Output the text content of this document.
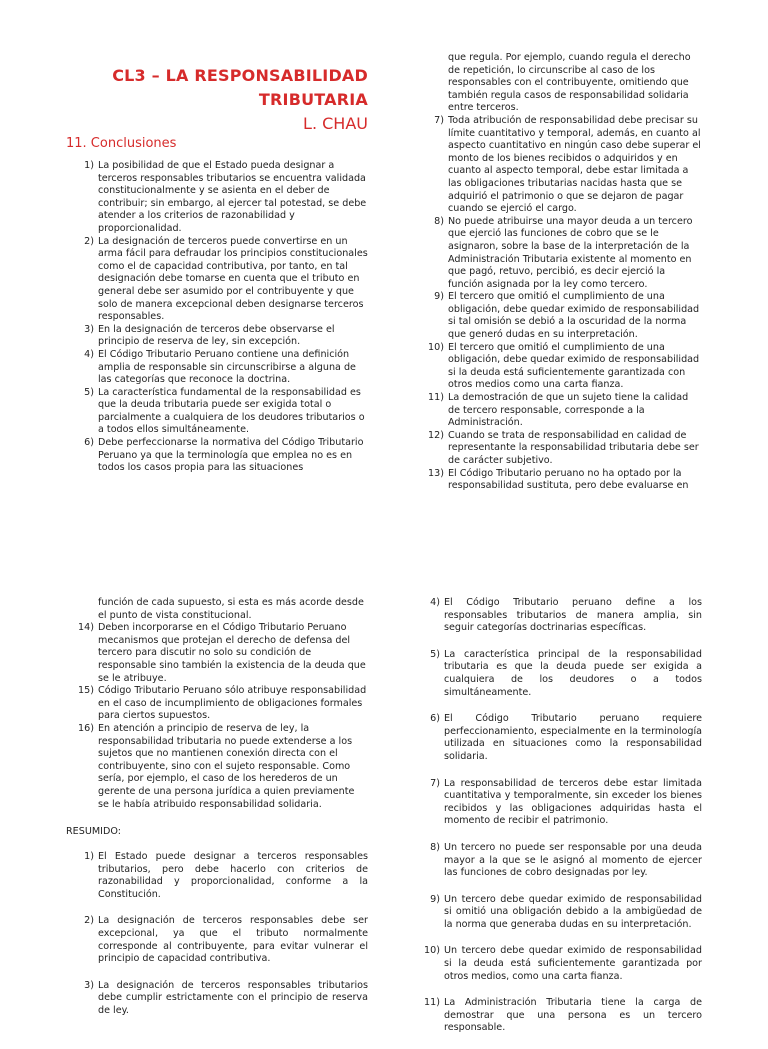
CL3 – LA RESPONSABILIDAD
TRIBUTARIA
L. CHAU
11. Conclusiones
1) La posibilidad de que el Estado pueda designar a terceros responsables tributarios se encuentra validada constitucionalmente y se asienta en el deber de contribuir; sin embargo, al ejercer tal potestad, se debe atender a los criterios de razonabilidad y proporcionalidad.
2) La designación de terceros puede convertirse en un arma fácil para defraudar los principios constitucionales como el de capacidad contributiva, por tanto, en tal designación debe tomarse en cuenta que el tributo en general debe ser asumido por el contribuyente y que solo de manera excepcional deben designarse terceros responsables.
3) En la designación de terceros debe observarse el principio de reserva de ley, sin excepción.
4) El Código Tributario Peruano contiene una definición amplia de responsable sin circunscribirse a alguna de las categorías que reconoce la doctrina.
5) La característica fundamental de la responsabilidad es que la deuda tributaria puede ser exigida total o parcialmente a cualquiera de los deudores tributarios o a todos ellos simultáneamente.
6) Debe perfeccionarse la normativa del Código Tributario Peruano ya que la terminología que emplea no es en todos los casos propia para las situaciones
que regula. Por ejemplo, cuando regula el derecho de repetición, lo circunscribe al caso de los responsables con el contribuyente, omitiendo que también regula casos de responsabilidad solidaria entre terceros.
7) Toda atribución de responsabilidad debe precisar su límite cuantitativo y temporal, además, en cuanto al aspecto cuantitativo en ningún caso debe superar el monto de los bienes recibidos o adquiridos y en cuanto al aspecto temporal, debe estar limitada a las obligaciones tributarias nacidas hasta que se adquirió el patrimonio o que se dejaron de pagar cuando se ejerció el cargo.
8) No puede atribuirse una mayor deuda a un tercero que ejerció las funciones de cobro que se le asignaron, sobre la base de la interpretación de la Administración Tributaria existente al momento en que pagó, retuvo, percibió, es decir ejerció la función asignada por la ley como tercero.
9) El tercero que omitió el cumplimiento de una obligación, debe quedar eximido de responsabilidad si tal omisión se debió a la oscuridad de la norma que generó dudas en su interpretación.
10) El tercero que omitió el cumplimiento de una obligación, debe quedar eximido de responsabilidad si la deuda está suficientemente garantizada con otros medios como una carta fianza.
11) La demostración de que un sujeto tiene la calidad de tercero responsable, corresponde a la Administración.
12) Cuando se trata de responsabilidad en calidad de representante la responsabilidad tributaria debe ser de carácter subjetivo.
13) El Código Tributario peruano no ha optado por la responsabilidad sustituta, pero debe evaluarse en
función de cada supuesto, si esta es más acorde desde el punto de vista constitucional.
14) Deben incorporarse en el Código Tributario Peruano mecanismos que protejan el derecho de defensa del tercero para discutir no solo su condición de responsable sino también la existencia de la deuda que se le atribuye.
15) Código Tributario Peruano sólo atribuye responsabilidad en el caso de incumplimiento de obligaciones formales para ciertos supuestos.
16) En atención a principio de reserva de ley, la responsabilidad tributaria no puede extenderse a los sujetos que no mantienen conexión directa con el contribuyente, sino con el sujeto responsable. Como sería, por ejemplo, el caso de los herederos de un gerente de una persona jurídica a quien previamente se le había atribuido responsabilidad solidaria.
RESUMIDO:
1) El Estado puede designar a terceros responsables tributarios, pero debe hacerlo con criterios de razonabilidad y proporcionalidad, conforme a la Constitución.
2) La designación de terceros responsables debe ser excepcional, ya que el tributo normalmente corresponde al contribuyente, para evitar vulnerar el principio de capacidad contributiva.
3) La designación de terceros responsables tributarios debe cumplir estrictamente con el principio de reserva de ley.
4) El Código Tributario peruano define a los responsables tributarios de manera amplia, sin seguir categorías doctrinarias específicas.
5) La característica principal de la responsabilidad tributaria es que la deuda puede ser exigida a cualquiera de los deudores o a todos simultáneamente.
6) El Código Tributario peruano requiere perfeccionamiento, especialmente en la terminología utilizada en situaciones como la responsabilidad solidaria.
7) La responsabilidad de terceros debe estar limitada cuantitativa y temporalmente, sin exceder los bienes recibidos y las obligaciones adquiridas hasta el momento de recibir el patrimonio.
8) Un tercero no puede ser responsable por una deuda mayor a la que se le asignó al momento de ejercer las funciones de cobro designadas por ley.
9) Un tercero debe quedar eximido de responsabilidad si omitió una obligación debido a la ambigüedad de la norma que generaba dudas en su interpretación.
10) Un tercero debe quedar eximido de responsabilidad si la deuda está suficientemente garantizada por otros medios, como una carta fianza.
11) La Administración Tributaria tiene la carga de demostrar que una persona es un tercero responsable.
